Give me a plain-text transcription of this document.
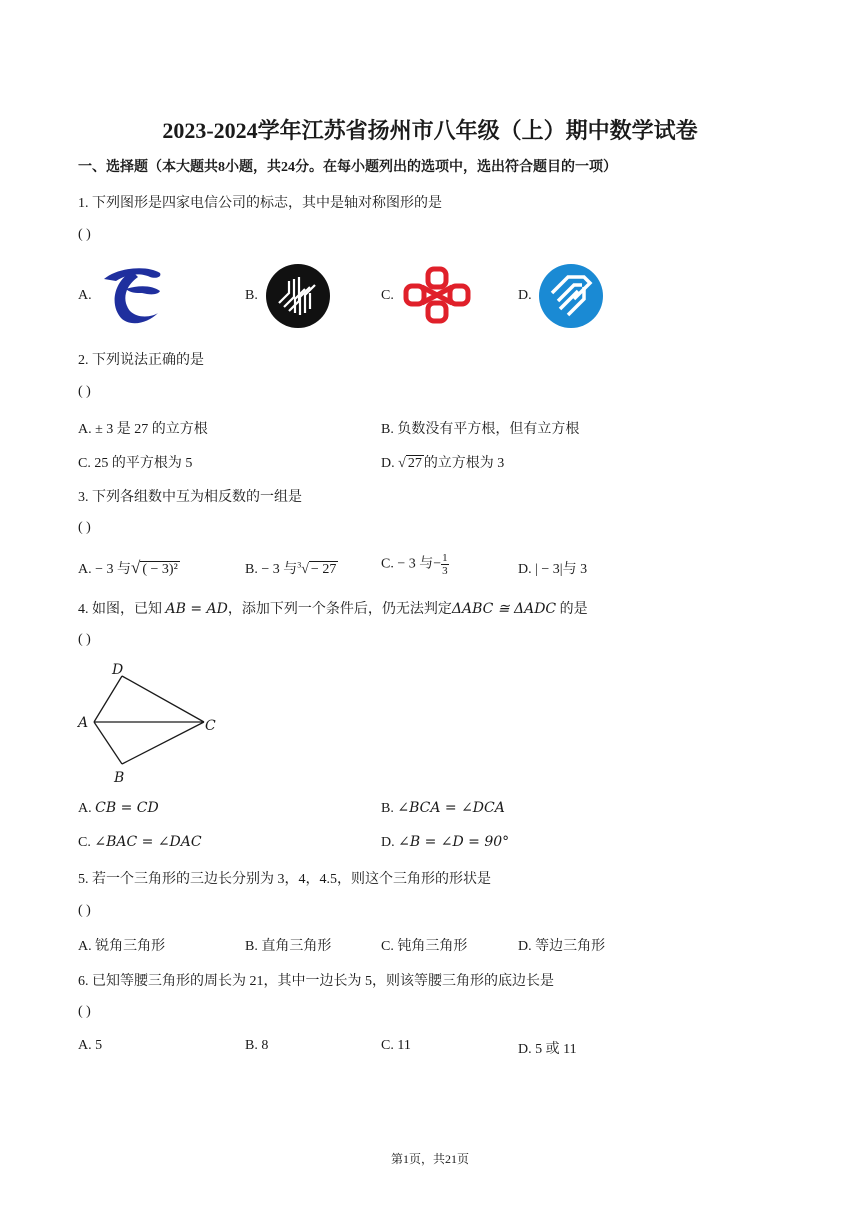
2023-2024学年江苏省扬州市八年级（上）期中数学试卷
一、选择题（本大题共8小题，共24分。在每小题列出的选项中，选出符合题目的一项）
1. 下列图形是四家电信公司的标志，其中是轴对称图形的是
( )
A.	B.	C.	D.
2. 下列说法正确的是
( )
A. ± 3 是 27 的立方根	B. 负数没有平方根，但有立方根
C. 25 的平方根为 5	D. √ 27 的立方根为 3
3. 下列各组数中互为相反数的一组是
( )
A. − 3 与√ ( − 3)²	B. − 3 与$^3$√ − 27	C. − 3 与− $\frac{1}{3}$	D. | − 3|与 3
4. 如图，已知 AB = AD，添加下列一个条件后，仍无法判定ΔABC ≅ ΔADC 的是
( )
D
A	C
B
A. CB = CD	B. ∠BCA = ∠DCA
C. ∠BAC = ∠DAC	D. ∠B = ∠D = 90°
5. 若一个三角形的三边长分别为 3，4，4.5，则这个三角形的形状是
( )
A. 锐角三角形	B. 直角三角形	C. 钝角三角形	D. 等边三角形
6. 已知等腰三角形的周长为 21，其中一边长为 5，则该等腰三角形的底边长是
( )
A. 5	B. 8	C. 11	D. 5 或 11
第1页，共21页
